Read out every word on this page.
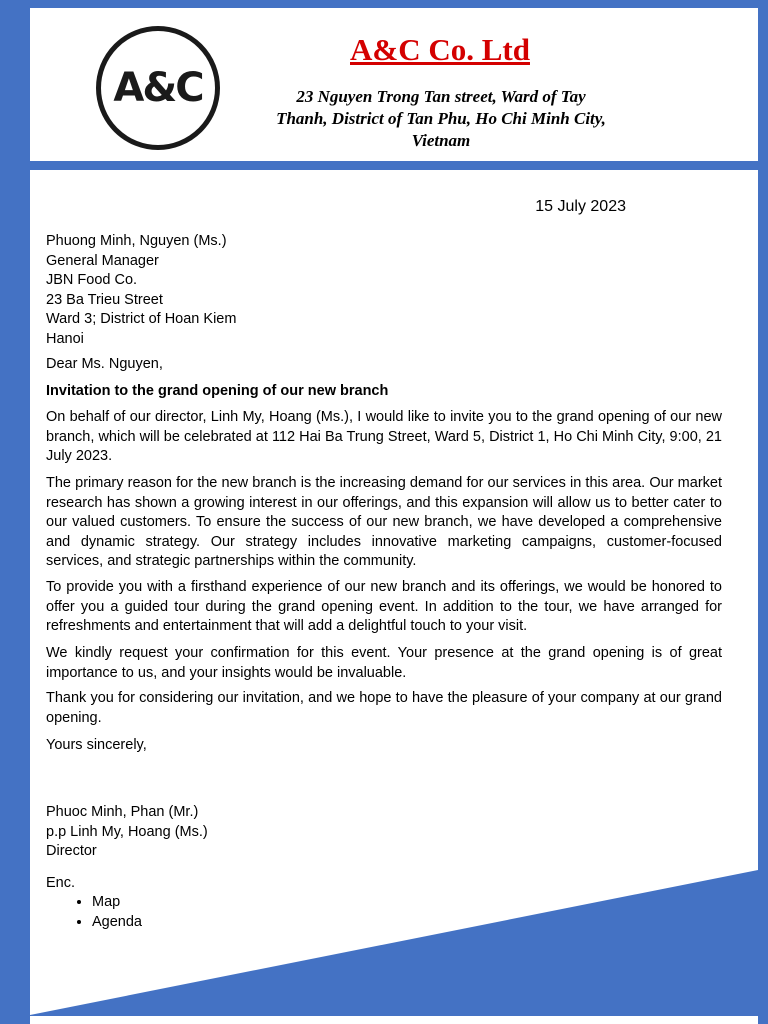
A&C
A&C Co. Ltd

23 Nguyen Trong Tan street, Ward of Tay
Thanh, District of Tan Phu, Ho Chi Minh City,
Vietnam

15 July 2023
Phuong Minh, Nguyen (Ms.)
General Manager
JBN Food Co.
23 Ba Trieu Street
Ward 3; District of Hoan Kiem
Hanoi
Dear Ms. Nguyen,
Invitation to the grand opening of our new branch

On behalf of our director, Linh My, Hoang (Ms.), I would like to invite you to the grand opening of our new branch, which will be celebrated at 112 Hai Ba Trung Street, Ward 5, District 1, Ho Chi Minh City, 9:00, 21 July 2023.

The primary reason for the new branch is the increasing demand for our services in this area. Our market research has shown a growing interest in our offerings, and this expansion will allow us to better cater to our valued customers. To ensure the success of our new branch, we have developed a comprehensive and dynamic strategy. Our strategy includes innovative marketing campaigns, customer-focused services, and strategic partnerships within the community.

To provide you with a firsthand experience of our new branch and its offerings, we would be honored to offer you a guided tour during the grand opening event. In addition to the tour, we have arranged for refreshments and entertainment that will add a delightful touch to your visit.

We kindly request your confirmation for this event. Your presence at the grand opening is of great importance to us, and your insights would be invaluable.

Thank you for considering our invitation, and we hope to have the pleasure of your company at our grand opening.

Yours sincerely,
Phuoc Minh, Phan (Mr.)
p.p Linh My, Hoang (Ms.)
Director
Enc.
• Map
• Agenda
